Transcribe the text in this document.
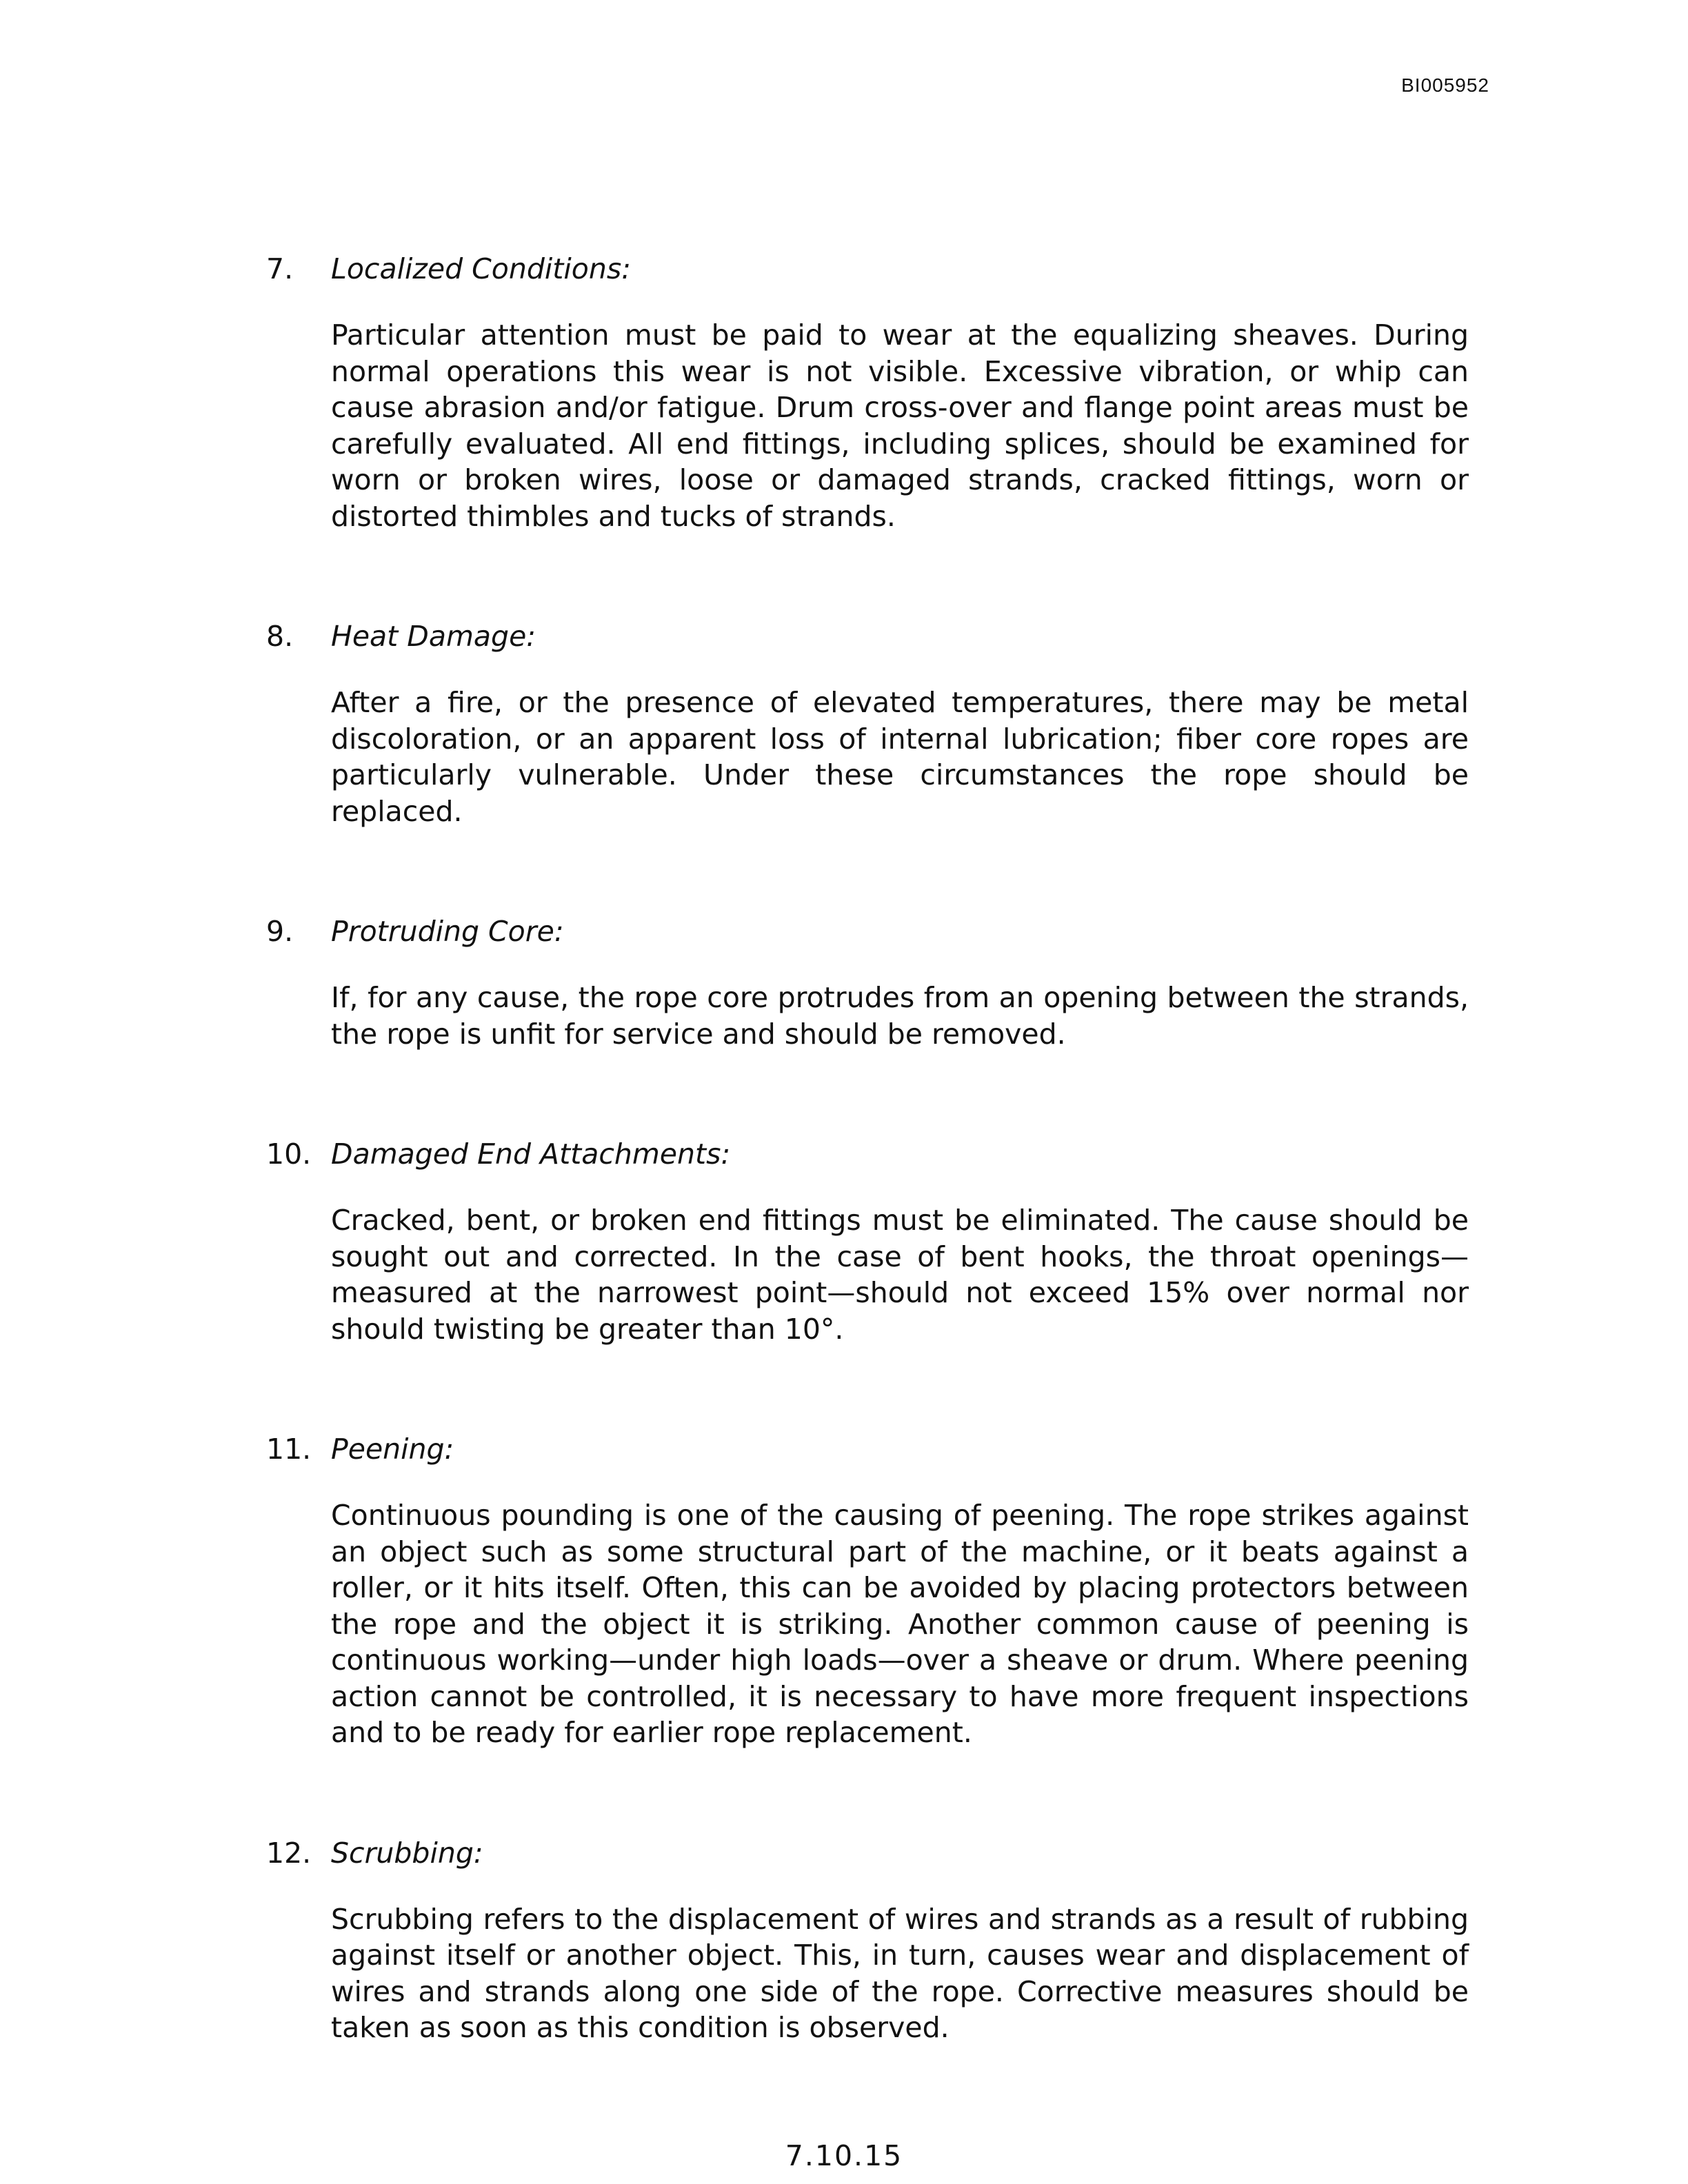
BI005952
7. Localized Conditions:

Particular attention must be paid to wear at the equalizing sheaves. During normal operations this wear is not visible. Excessive vibration, or whip can cause abrasion and/or fatigue. Drum cross-over and flange point areas must be carefully evaluated. All end fittings, including splices, should be examined for worn or broken wires, loose or damaged strands, cracked fittings, worn or distorted thimbles and tucks of strands.

8. Heat Damage:

After a fire, or the presence of elevated temperatures, there may be metal discoloration, or an apparent loss of internal lubrication; fiber core ropes are particularly vulnerable. Under these circumstances the rope should be replaced.

9. Protruding Core:

If, for any cause, the rope core protrudes from an opening between the strands, the rope is unfit for service and should be removed.

10. Damaged End Attachments:

Cracked, bent, or broken end fittings must be eliminated. The cause should be sought out and corrected. In the case of bent hooks, the throat openings—measured at the narrowest point—should not exceed 15% over normal nor should twisting be greater than 10°.

11. Peening:

Continuous pounding is one of the causing of peening. The rope strikes against an object such as some structural part of the machine, or it beats against a roller, or it hits itself. Often, this can be avoided by placing protectors between the rope and the object it is striking. Another common cause of peening is continuous working—under high loads—over a sheave or drum. Where peening action cannot be controlled, it is necessary to have more frequent inspections and to be ready for earlier rope replacement.

12. Scrubbing:

Scrubbing refers to the displacement of wires and strands as a result of rubbing against itself or another object. This, in turn, causes wear and displacement of wires and strands along one side of the rope. Corrective measures should be taken as soon as this condition is observed.

7.10.15
